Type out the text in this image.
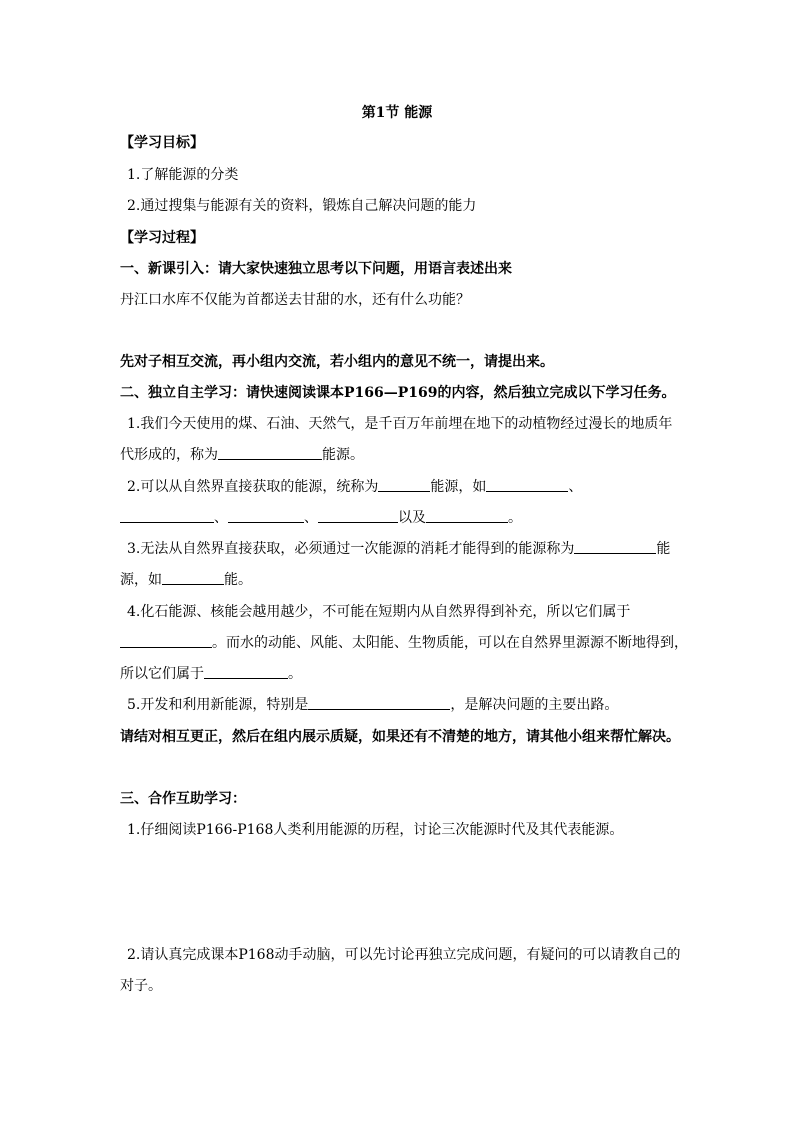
第1节 能源
【学习目标】
1.了解能源的分类
2.通过搜集与能源有关的资料，锻炼自己解决问题的能力
【学习过程】
一、新课引入：请大家快速独立思考以下问题，用语言表述出来
丹江口水库不仅能为首都送去甘甜的水，还有什么功能？
先对子相互交流，再小组内交流，若小组内的意见不统一，请提出来。
二、独立自主学习：请快速阅读课本P166—P169的内容，然后独立完成以下学习任务。
1.我们今天使用的煤、石油、天然气，是千百万年前埋在地下的动植物经过漫长的地质年
代形成的，称为	能源。
2.可以从自然界直接获取的能源，统称为	能源，如	、
、	、	以及	。
3.无法从自然界直接获取，必须通过一次能源的消耗才能得到的能源称为	能
源，如	能。
4.化石能源、核能会越用越少，不可能在短期内从自然界得到补充，所以它们属于
。而水的动能、风能、太阳能、生物质能，可以在自然界里源源不断地得到，
所以它们属于	。
5.开发和利用新能源，特别是	，是解决问题的主要出路。
请结对相互更正，然后在组内展示质疑，如果还有不清楚的地方，请其他小组来帮忙解决。
三、合作互助学习：
1.仔细阅读P166-P168人类利用能源的历程，讨论三次能源时代及其代表能源。
2.请认真完成课本P168动手动脑，可以先讨论再独立完成问题，有疑问的可以请教自己的
对子。
